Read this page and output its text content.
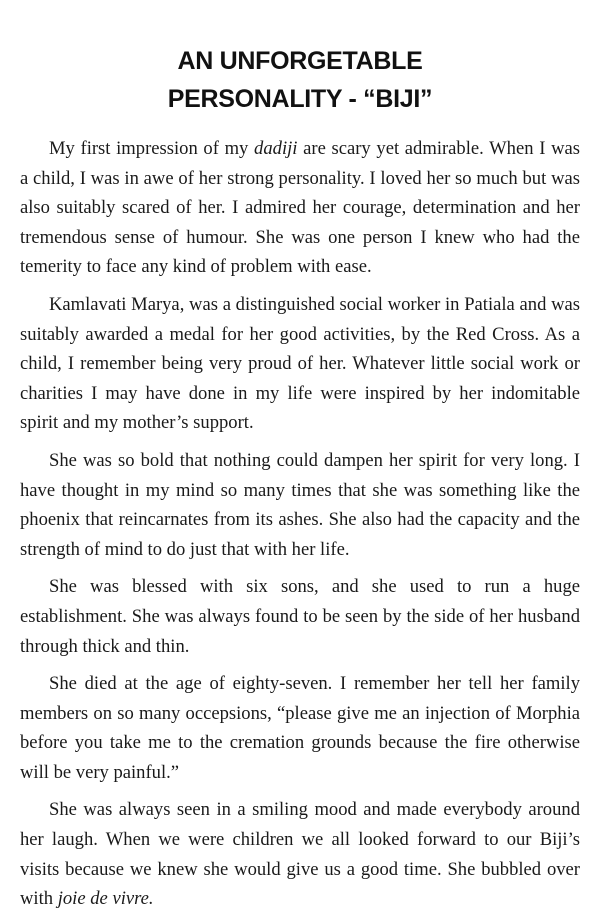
AN UNFORGETABLE
PERSONALITY - “BIJI”

My first impression of my dadiji are scary yet admirable. When I was a child, I was in awe of her strong personality. I loved her so much but was also suitably scared of her. I admired her courage, determination and her tremendous sense of humour. She was one person I knew who had the temerity to face any kind of problem with ease.

Kamlavati Marya, was a distinguished social worker in Patiala and was suitably awarded a medal for her good activities, by the Red Cross. As a child, I remember being very proud of her. Whatever little social work or charities I may have done in my life were inspired by her indomitable spirit and my mother’s support.

She was so bold that nothing could dampen her spirit for very long. I have thought in my mind so many times that she was something like the phoenix that reincarnates from its ashes. She also had the capacity and the strength of mind to do just that with her life.

She was blessed with six sons, and she used to run a huge establishment. She was always found to be seen by the side of her husband through thick and thin.

She died at the age of eighty-seven. I remember her tell her family members on so many occepsions, “please give me an injection of Morphia before you take me to the cremation grounds because the fire otherwise will be very painful.”

She was always seen in a smiling mood and made everybody around her laugh. When we were children we all looked forward to our Biji’s visits because we knew she would give us a good time. She bubbled over with joie de vivre.
